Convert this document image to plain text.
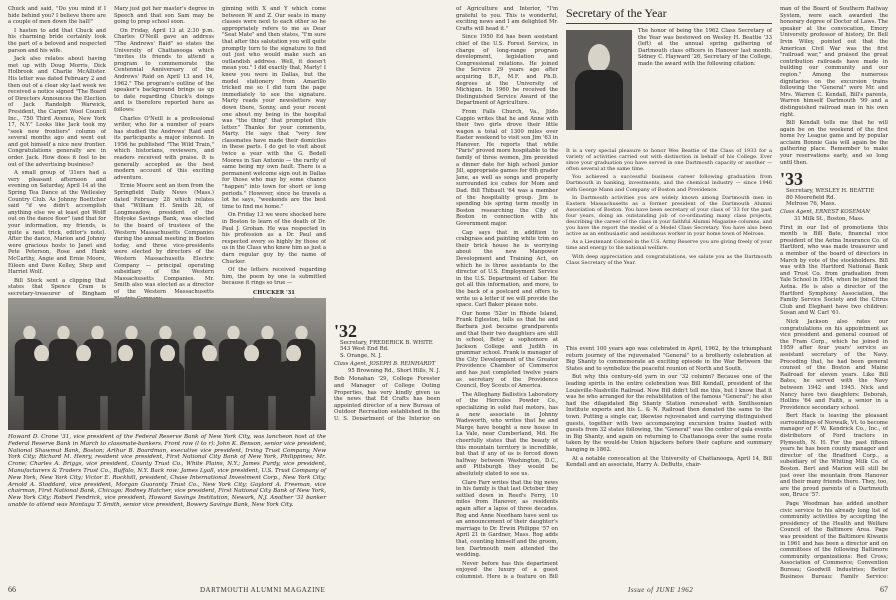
Chuck and said, "Do you mind if I hide behind you? I believe there are a couple of men down the hall!"

I hasten to add that Chuck and his charming bride certainly look the part of a beloved and respected parson and his wife.

Jack also relates about having met up with Doug Morris, Dick Holbrook and Charlie McAllister. His letter was dated February 2 and then out of a clear sky last week we received a notice signed "The Board of Directors Announces the Election of Jack Randolph Warwick, President, the Carpet Wool Council Inc., 750 Third Avenue, New York 17, N.Y." Looks like Jack took my "seek new frontiers" column of several months ago and went out and got himself a nice new frontier. Congratulations generally are in order. Jack. How does it feel to be out of the advertising business?

A small group of '31ers had a very pleasant afternoon and evening on Saturday, April 14 at the Spring Tea Dance at the Wellesley Country Club. As Johnny Boettcher said "if we didn't accomplish anything else we at least got Wolff out on the dance floor" (and that for your information, my friends, is quite a neat trick, editor's note). After the dance, Marion and Johnny were gracious hosts to Janet and Pete Peterson, Rose and Hank McCarthy, Angie and Ernie Moore, Eileen and Dave Kelley, Shep and Harriet Wolf.

Bill Steck sent a clipping that states that Spence Cram is secretary-treasurer of Bingham

Mary just got her master's degree in Speech and that son Sam may be going to prep school soon.

On Friday, April 13 at 2:30 p.m. Charles O'Neill gave an address "The Andrews' Raid" so states the University of Chattanooga which "invites its friends to attend a program to commemorate the Centennial Anniversary of the Andrews' Raid on April 13 and 14, 1962." The program's outline of the speaker's background brings us up to date regarding Chuck's doings and is therefore reported here as follows:

Charles O'Neill is a professional writer, who for a number of years has studied the Andrews' Raid and its participants a major interest. In 1956 he published "The Wild Train," which historians, reviewers, and readers received with praise. It is generally accepted as the best modern account of this exciting adventure.

Ernie Moore sent an item from the Springfield Daily News (Mass.) dated February 28 which relates that "William H. Smith 28, of Longmeadow, president of the Holyoke Savings Bank, was elected to the board of trustees of the Western Massachusetts Companies during the annual meeting in Boston today, and three vice-presidents were elected by directors of the Western Massachusetts Electric Company — principal operating subsidiary of the Western Massachusetts Companies. Mr. Smith also was elected as a director of the Western Massachusetts

ginning with X and Y which come between W and Z. Our seats in many classes were next to each other so he appropriately refers to me as Dear "Seat Mate" and then states, "I'm sure that after this salutation you will quite promptly turn to the signature to find out just who would make such an outlandish address. Well, it doesn't mean you." I did exactly that, Marty! I knew you were in Dallas, but the model stationery from Amarillo tricked me so I did turn the page immediately to see the signature. Marty reads your newsletters way down there, Sonny, and your recent one about my being in the hospital was "the thing" that prompted this letter." Thanks for your comments, Marty. He says that "very few classmates have made their domiciles in these parts. I do get to visit about twice a year with the G. Bedell Moores in San Antonio — the rarity of same being my own fault. There is a permanent welcome sign out in Dallas for those who may by some chance "happen" into town for short or long periods." However, since he travels a lot he says, "weekends are the best time to find me home."

On Friday 13 we were shocked here in Boston to learn of the death of Dr. Paul J. Grohan. He was respected in his profession as a Dr. Paul and respected every so highly by those of us in the Class who knew him as just a darn regular guy by the name of Chucker.

Of the letters received regarding him, the poem by one is submitted because it rings so true —

CHUCKER '31

'32
Secretary, FREDERICK B. WHITE
543 West End Rd.
S. Orange, N. J.
Class Agent, JOSEPH B. REINHARDT
95 Browning Rd., Short Hills, N. J.

Bob Monahan '29, College Forester and Manager of College Outing Properties, has very kindly given us the news that Ed Crafts has been appointed director of a new Bureau of Outdoor Recreation established in the U. S. Department of the Interior on

Howard D. Crone '31, vice president of the Federal Reserve Bank of New York City, was luncheon host at the Federal Reserve Bank in March to classmate-bankers. Front row (l to r): John K. Benson, senior vice president, National Shawmut Bank, Boston; Arthur B. Boardman, executive vice president, Irving Trust Company, New York City; Richard M. Henry, resident vice president, First National City Bank of New York, Philippines; Mr. Crone; Charles A. Briggs, vice president, County Trust Co., White Plains, N.Y.; James Purdy, vice president, Manufacturers & Traders Trust Co., Buffalo, N.Y. Back row: James Lyall, vice president, U.S. Trust Company of New York, New York City; Victor E. Rockhill, president, Chase International Investment Corp., New York City; Arnold A. Stoddard, vice president, Morgan Guaranty Trust Co., New York City; Gaylord A. Freeman, vice chairman, First National Bank, Chicago; Rodney Hatcher, vice president, First National City Bank of New York, New York City; Robert Fendrick, vice president, Howard Savings Institution, Newark, N.J. Another '31 banker unable to attend was Montagu T. Smith, senior vice president, Bowery Savings Bank, New York City.
66	DARTMOUTH ALUMNI MAGAZINE

of Agriculture and Interior, "I'm grateful to you. This is wonderful, exciting news and I am delighted Mr. Crafts will head it."

Since 1950 Ed has been assistant chief of the U.S. Forest Service, in charge of long-range program development, legislation and Congressional relations. He joined the Service 29 years ago after acquiring B.F., M.F. and Ph.D. degrees at the University of Michigan. In 1960 he received the Distinguished Service Award of the Department of Agriculture.

From Falls Church, Va., Jildo Cappio writes that he and Anne with their two girls drove their little wagon a total of 1300 miles over Easter weekend to visit son Jim '63 in Hanover. He reports that while "Paris" proved more hospitable to the family of three women, Jim provided a dinner date for high school junior Jill, appropriate games for 6th grader Jane, as well as songs and properly surrounded ice cubes for Mom and Dad. Bill Thibault '64 was a member of the hospitality group. Jim is spending his spring term mostly in Boston researching the City of Boston in connection with his Government major.

Cap says that in addition to crabgrass and painting white trim on their brick house he is worrying about the new Manpower Development and Training Act, on which he is three assistants to the director of U.S. Employment Service in the U.S. Department of Labor. He got all this information, and more, to the back of a postcard and offers to write us a letter if we will provide the space. Carl Baker please note.

Our home '52er in Rhode Island, Frank Egleston, tells us that he and Barbara just became grandparents and that their two daughters are still in school, Betsy a sophomore at Jackson College and Judith in grammar school. Frank is manager of the City Development of the Greater Providence Chamber of Commerce and has just completed twelve years as secretary of the Providence Council, Boy Scouts of America.

The Alleghany Ballistics Laboratory of the Hercules Powder Co., specializing in solid fuel motors, has a new associate in Johnny Wadsworth, who writes that he and Marge have bought a new house in La Vale, near Cumberland, Md. He cheerfully states that the beauty of this mountain territory is incredible, but that if any of us is forced down halfway between Washington, D.C., and Pittsburgh they would be absolutely elated to see us.

Clare Farr writes that the big news in his family is that last October they settled down in Reed's Ferry, 10 miles from Hanover, as residents again after a lapse of three decades. Rog and Anne Needham have sent us an announcement of their daughter's marriage to Dr. Erwin Philippe '57 on April 21 in Gardner, Mass. Rog adds that, counting himself and the groom, ten Dartmouth men attended the wedding.

Never before has this department enjoyed the luxury of a guest columnist. Here is a feature on Bill

Secretary of the Year

The honor of being the 1962 Class Secretary of the Year was bestowed on Wesley H. Beattie '33 (left) at the annual spring gathering of Dartmouth class officers in Hanover last month. Sidney C. Hayward '26, Secretary of the College, made the award with the following citation:

It is a very special pleasure to honor Wes Beattie of the Class of 1933 for a variety of activities carried out with distinction in behalf of his College. Ever since your graduation you have served in one Dartmouth capacity or another — often several at the same time.

You achieved a successful business career following graduation from Dartmouth in banking, investments, and the chemical industry — since 1946 with George Mann and Company of Boston and Providence.

In Dartmouth activities you are widely known among Dartmouth men in Eastern Massachusetts as a former president of the Dartmouth Alumni Association of Boston. You have been secretary of your class of '33 for the past four years, doing an outstanding job of co-ordinating many class projects, describing the career of the class in your faithful Alumni Magazine columns, and you have the report the model of a Model Class Secretary. You have also been active as an enthusiastic and assiduous worker in your home town of Melrose.

As a Lieutenant Colonel in the U.S. Army Reserve you are giving freely of your time and energy to the national welfare.

With deep appreciation and congratulations, we salute you as the Dartmouth Class Secretary of the Year.

This event 100 years ago was celebrated in April, 1962, by the triumphant return journey of the rejuvenated "General" to a brotherly celebration at Big Shanty to commemorate an exciting episode in the War Between the States and to symbolize the peaceful reunion of North and South.

But why this century-old yarn in our '32 column? Because one of the leading spirits in the entire celebration was Bill Kendall, president of the Louisville-Nashville Railroad. Now Bill didn't tell me this, but I know that it was he who arranged for the rehabilitation of the famous "General"; he also had the dilapidated Big Shanty Station renovated with Smithsonian Institute experts and his L. & N. Railroad then donated the same to the town. Putting a single car, likewise rejuvenated and carrying distinguished guests, together with two accompanying excursion trains loaded with guests from 32 states following, the "General" was the center of gala events in Big Shanty, and again on returning to Chattanooga over the same route taken by the would-be Union hijackers before their capture and summary hanging in 1862.

At a notable convocation at the University of Chattanooga, April 14, Bill Kendall and an associate, Harry A. DeButts, chair-

man of the Board of Southern Railway System, were each awarded the honorary degree of Doctor of Laws. The speaker at the convocation, Emory University professor of history, Dr. Bell Irvin Wiley, pointed out that the American Civil War was the first "railroad war," and praised the great contribution railroads have made in building our community and our region." Among the numerous dignitaries on the excursion trains following the "General" were Mr. and Mrs. Warren C. Kendall, Bill's parents, Warren himself Dartmouth '99 and a distinguished railroad man in his own right.

Bill Kendall tells me that he will again be on the weekend of the first home Ivy League game and by popular acclaim Bonnie Gaia will again be the gathering place. Remember to make your reservations early, and so long until then.

'33
Secretary, WESLEY H. BEATTIE
80 Moorefield Rd.
Melrose 76, Mass.
Class Agent, ERNEST KOSEMAN
31 Milk St., Boston, Mass.

First in our list of promotions this month is Bill Bate, financial vice president of the Aetna Insurance Co. of Hartford, who was made treasurer and a member of the board of directors in March by vote of the stockholders. Bill was with the Hartford National Bank and Trust Co. from graduation from Yale School in 1954, when he joined the Aetna. He is also a director of the Hartford Symphony Association, the Family Service Society and the Citrus Club and Elephant have two children: Susan and W. Carl '61.

Nick Jackson also rates our congratulations on his appointment as vice president and general counsel of the Fram Corp., which he joined in 1959 after four years' service as assistant secretary of the Navy. Preceding that, he had been general counsel of the Boston and Maine Railroad for eleven years. Like Bill Bates, he served with the Navy between 1942 and 1945. Nick and Nancy have two daughters: Deborah, Hollins '64 and Faith, a senior in a Providence secondary school.

Bert Hack is leaving the pleasant surroundings of Norwalk, Vt. to become manager of F. W. Kendrick Co., Inc., of distributors of Ford tractors in Plymouth, N. H. For the past fifteen years he has been county manager and director of the Bradford Corp., a subsidiary of the Whiting Milk Co. of Boston. Bert and Marion will still be just over the mountain from Hanover and their many friends there. They, too, are the proud parents of a Dartmouth son, Bruce '57.

Page Woodman has added another civic service to his already long list of community activities by accepting the presidency of the Health and Welfare Council of the Baltimore Area. Page was president of the Baltimore Kiwanis in 1961 and has been a director and on committees of the following Baltimore community organizations: Red Cross; Association of Commerce; Convention Bureau; Goodwill Industries; Better Business Bureau; Family Service;

Issue of JUNE 1962	67
